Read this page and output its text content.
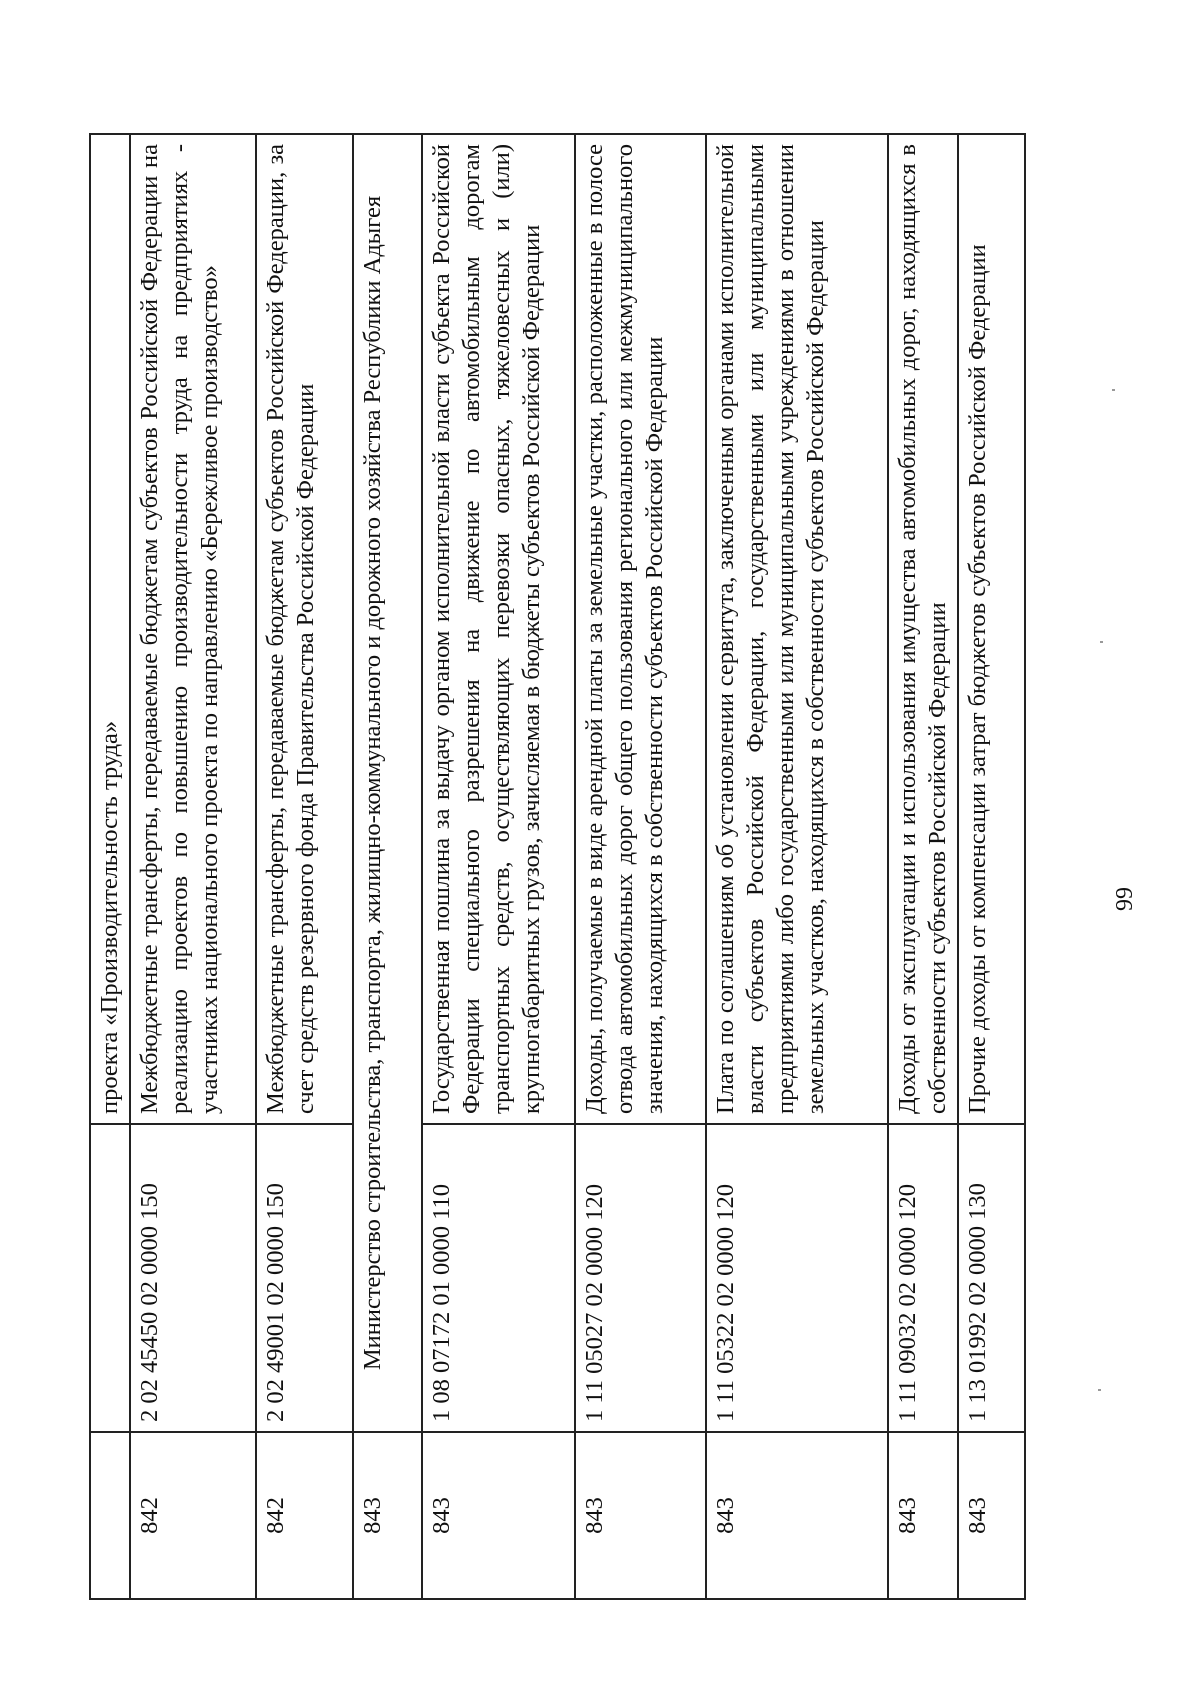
		проекта «Производительность труда»
842	2 02 45450 02 0000 150	Межбюджетные трансферты, передаваемые бюджетам субъектов Российской Федерации на реализацию проектов по повышению производительности труда на предприятиях - участниках национального проекта по направлению «Бережливое производство»
842	2 02 49001 02 0000 150	Межбюджетные трансферты, передаваемые бюджетам субъектов Российской Федерации, за счет средств резервного фонда Правительства Российской Федерации
843	Министерство строительства, транспорта, жилищно-коммунального и дорожного хозяйства Республики Адыгея	
843	1 08 07172 01 0000 110	Государственная пошлина за выдачу органом исполнительной власти субъекта Российской Федерации специального разрешения на движение по автомобильным дорогам транспортных средств, осуществляющих перевозки опасных, тяжеловесных и (или) крупногабаритных грузов, зачисляемая в бюджеты субъектов Российской Федерации
843	1 11 05027 02 0000 120	Доходы, получаемые в виде арендной платы за земельные участки, расположенные в полосе отвода автомобильных дорог общего пользования регионального или межмуниципального значения, находящихся в собственности субъектов Российской Федерации
843	1 11 05322 02 0000 120	Плата по соглашениям об установлении сервитута, заключенным органами исполнительной власти субъектов Российской Федерации, государственными или муниципальными предприятиями либо государственными или муниципальными учреждениями в отношении земельных участков, находящихся в собственности субъектов Российской Федерации
843	1 11 09032 02 0000 120	Доходы от эксплуатации и использования имущества автомобильных дорог, находящихся в собственности субъектов Российской Федерации
843	1 13 01992 02 0000 130	Прочие доходы от компенсации затрат бюджетов субъектов Российской Федерации	99
